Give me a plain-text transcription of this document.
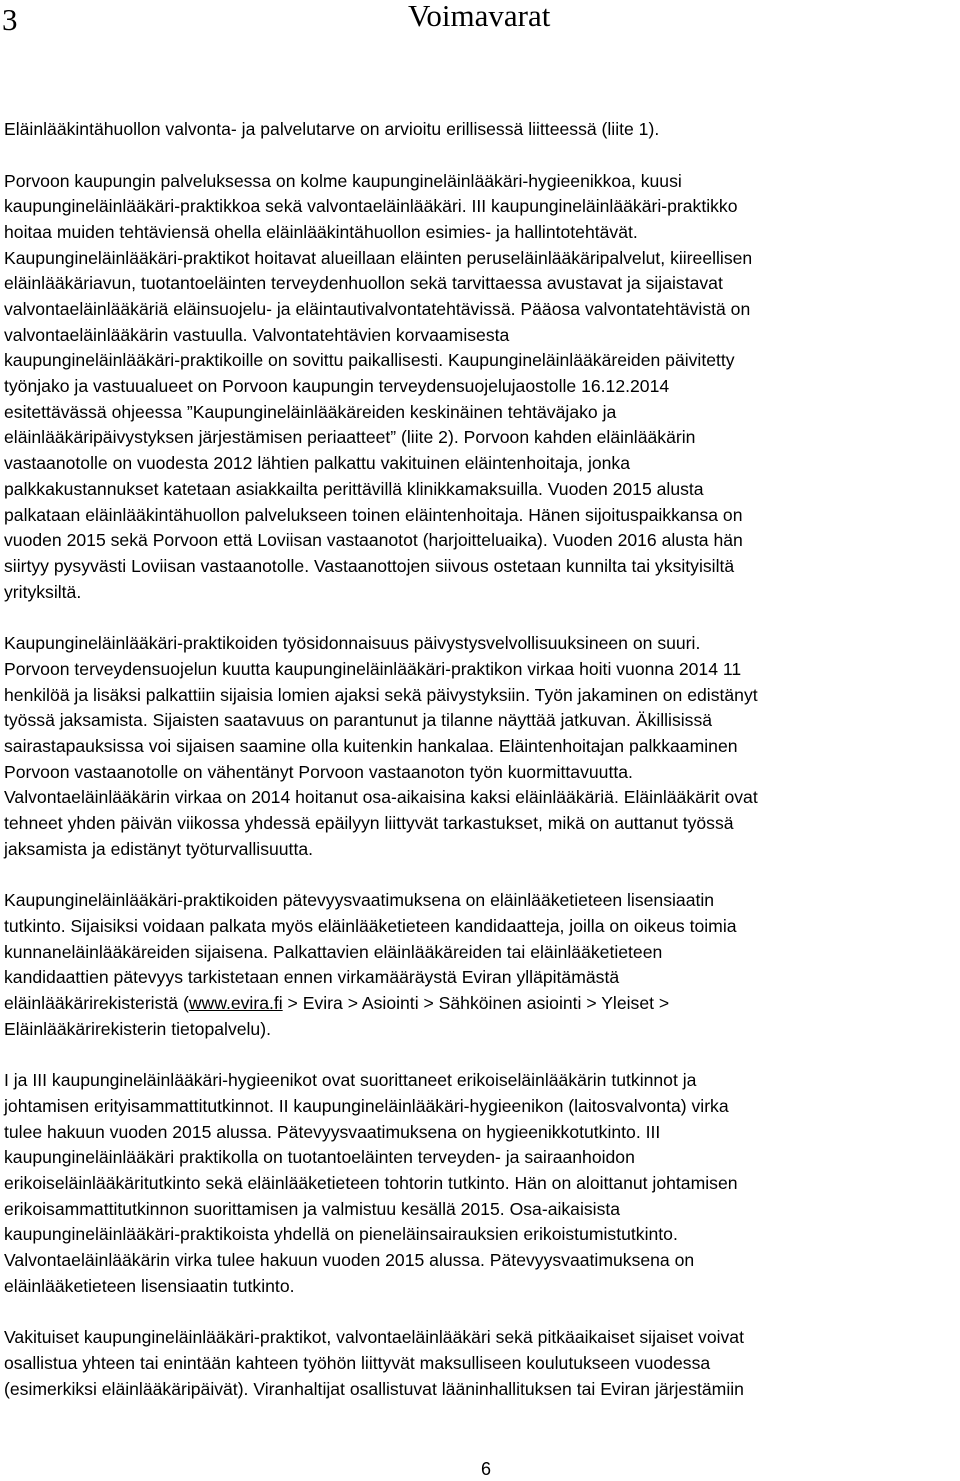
3	Voimavarat

Eläinlääkintähuollon valvonta- ja palvelutarve on arvioitu erillisessä liitteessä (liite 1).

Porvoon kaupungin palveluksessa on kolme kaupungineläinlääkäri-hygieenikkoa, kuusi
kaupungineläinlääkäri-praktikkoa sekä valvontaeläinlääkäri. III kaupungineläinlääkäri-praktikko
hoitaa muiden tehtäviensä ohella eläinlääkintähuollon esimies- ja hallintotehtävät.
Kaupungineläinlääkäri-praktikot hoitavat alueillaan eläinten peruseläinlääkäripalvelut, kiireellisen
eläinlääkäriavun, tuotantoeläinten terveydenhuollon sekä tarvittaessa avustavat ja sijaistavat
valvontaeläinlääkäriä eläinsuojelu- ja eläintautivalvontatehtävissä. Pääosa valvontatehtävistä on
valvontaeläinlääkärin vastuulla. Valvontatehtävien korvaamisesta
kaupungineläinlääkäri-praktikoille on sovittu paikallisesti. Kaupungineläinlääkäreiden päivitetty
työnjako ja vastuualueet on Porvoon kaupungin terveydensuojelujaostolle 16.12.2014
esitettävässä ohjeessa ”Kaupungineläinlääkäreiden keskinäinen tehtäväjako ja
eläinlääkäripäivystyksen järjestämisen periaatteet” (liite 2). Porvoon kahden eläinlääkärin
vastaanotolle on vuodesta 2012 lähtien palkattu vakituinen eläintenhoitaja, jonka
palkkakustannukset katetaan asiakkailta perittävillä klinikkamaksuilla. Vuoden 2015 alusta
palkataan eläinlääkintähuollon palvelukseen toinen eläintenhoitaja. Hänen sijoituspaikkansa on
vuoden 2015 sekä Porvoon että Loviisan vastaanotot (harjoitteluaika). Vuoden 2016 alusta hän
siirtyy pysyvästi Loviisan vastaanotolle. Vastaanottojen siivous ostetaan kunnilta tai yksityisiltä
yrityksiltä.

Kaupungineläinlääkäri-praktikoiden työsidonnaisuus päivystysvelvollisuuksineen on suuri.
Porvoon terveydensuojelun kuutta kaupungineläinlääkäri-praktikon virkaa hoiti vuonna 2014 11
henkilöä ja lisäksi palkattiin sijaisia lomien ajaksi sekä päivystyksiin. Työn jakaminen on edistänyt
työssä jaksamista. Sijaisten saatavuus on parantunut ja tilanne näyttää jatkuvan. Äkillisissä
sairastapauksissa voi sijaisen saamine olla kuitenkin hankalaa. Eläintenhoitajan palkkaaminen
Porvoon vastaanotolle on vähentänyt Porvoon vastaanoton työn kuormittavuutta.
Valvontaeläinlääkärin virkaa on 2014 hoitanut osa-aikaisina kaksi eläinlääkäriä. Eläinlääkärit ovat
tehneet yhden päivän viikossa yhdessä epäilyyn liittyvät tarkastukset, mikä on auttanut työssä
jaksamista ja edistänyt työturvallisuutta.

Kaupungineläinlääkäri-praktikoiden pätevyysvaatimuksena on eläinlääketieteen lisensiaatin
tutkinto. Sijaisiksi voidaan palkata myös eläinlääketieteen kandidaatteja, joilla on oikeus toimia
kunnaneläinlääkäreiden sijaisena. Palkattavien eläinlääkäreiden tai eläinlääketieteen
kandidaattien pätevyys tarkistetaan ennen virkamääräystä Eviran ylläpitämästä
eläinlääkärirekisteristä (www.evira.fi > Evira > Asiointi > Sähköinen asiointi > Yleiset >
Eläinlääkärirekisterin tietopalvelu).

I ja III kaupungineläinlääkäri-hygieenikot ovat suorittaneet erikoiseläinlääkärin tutkinnot ja
johtamisen erityisammattitutkinnot. II kaupungineläinlääkäri-hygieenikon (laitosvalvonta) virka
tulee hakuun vuoden 2015 alussa. Pätevyysvaatimuksena on hygieenikkotutkinto. III
kaupungineläinlääkäri praktikolla on tuotantoeläinten terveyden- ja sairaanhoidon
erikoiseläinlääkäritutkinto sekä eläinlääketieteen tohtorin tutkinto. Hän on aloittanut johtamisen
erikoisammattitutkinnon suorittamisen ja valmistuu kesällä 2015. Osa-aikaisista
kaupungineläinlääkäri-praktikoista yhdellä on pieneläinsairauksien erikoistumistutkinto.
Valvontaeläinlääkärin virka tulee hakuun vuoden 2015 alussa. Pätevyysvaatimuksena on
eläinlääketieteen lisensiaatin tutkinto.

Vakituiset kaupungineläinlääkäri-praktikot, valvontaeläinlääkäri sekä pitkäaikaiset sijaiset voivat
osallistua yhteen tai enintään kahteen työhön liittyvät maksulliseen koulutukseen vuodessa
(esimerkiksi eläinlääkäripäivät). Viranhaltijat osallistuvat lääninhallituksen tai Eviran järjestämiin

6
